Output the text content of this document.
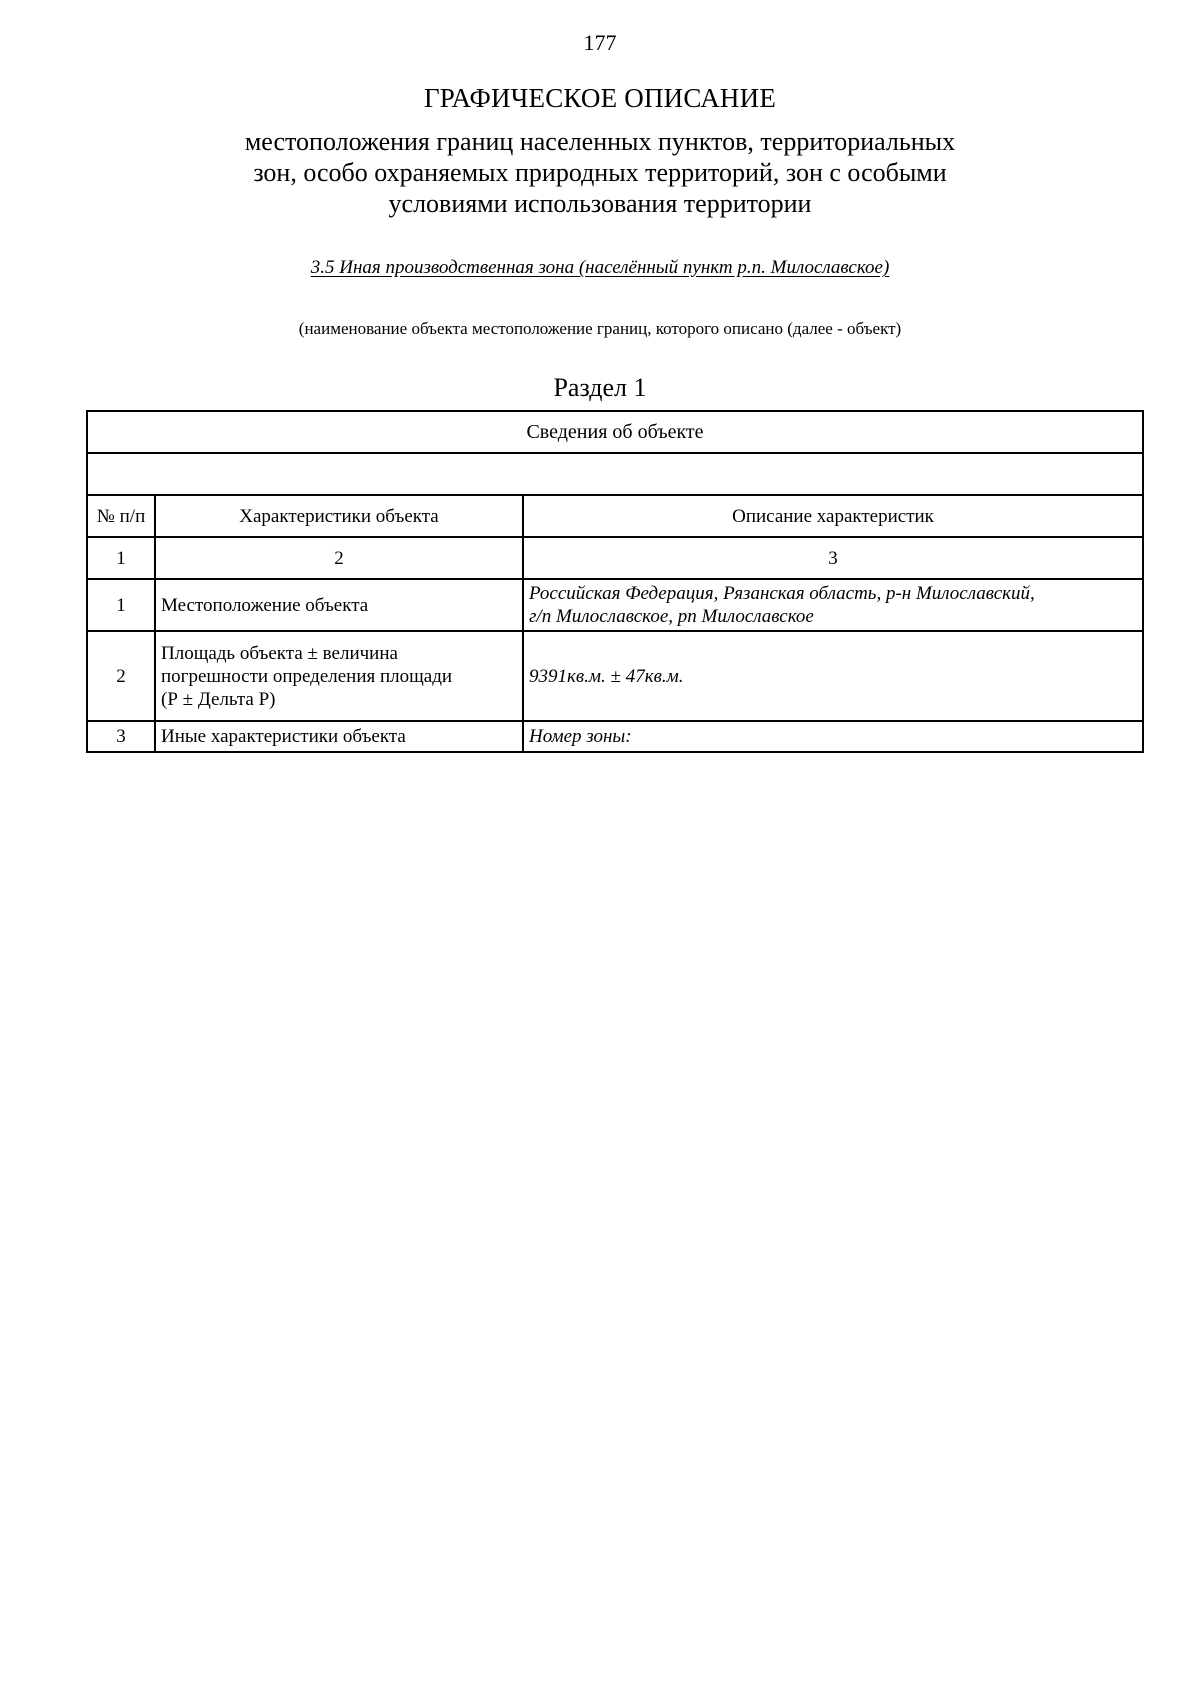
177
ГРАФИЧЕСКОЕ ОПИСАНИЕ
местоположения границ населенных пунктов, территориальных
зон, особо охраняемых природных территорий, зон с особыми
условиями использования территории
3.5 Иная производственная зона (населённый пункт р.п. Милославское)
(наименование объекта местоположение границ, которого описано (далее - объект)
Раздел 1
Сведения об объекте		

№ п/п	Характеристики объекта	Описание характеристик
1	2	3
1	Местоположение объекта	Российская Федерация, Рязанская область, р-н Милославский,
г/п Милославское, рп Милославское

2	Площадь объекта ± величина
погрешности определения площади
(Р ± Дельта Р)	9391кв.м. ± 47кв.м.

3	Иные характеристики объекта	Номер зоны:
